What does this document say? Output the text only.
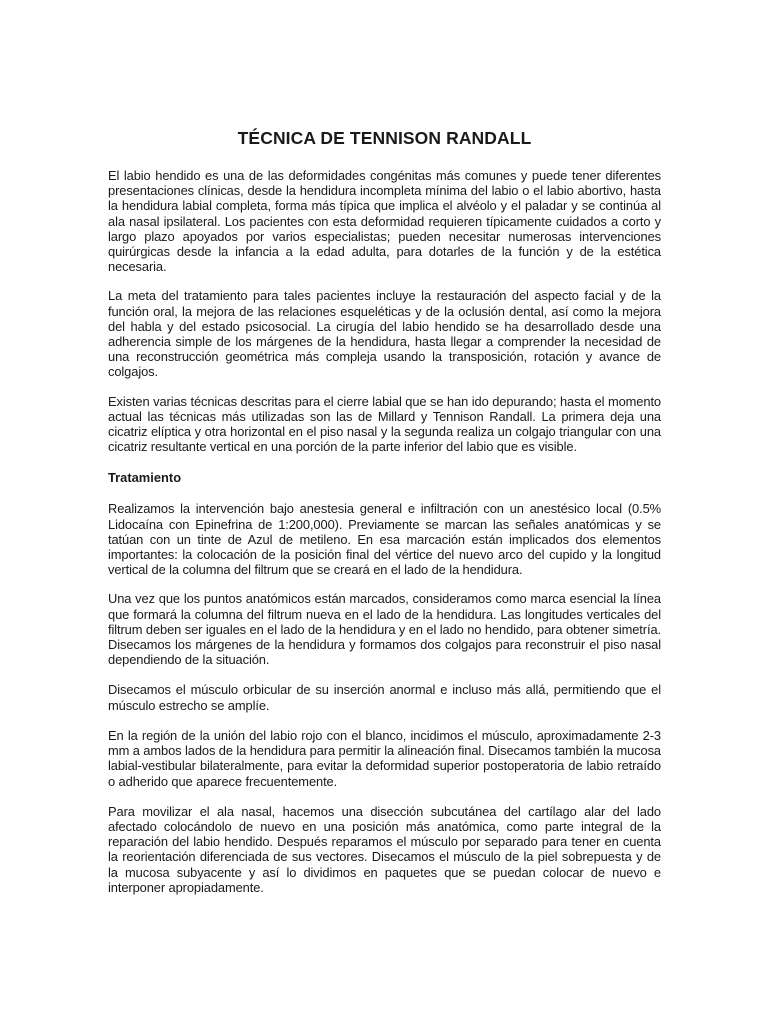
TÉCNICA DE TENNISON RANDALL

El labio hendido es una de las deformidades congénitas más comunes y puede tener diferentes presentaciones clínicas, desde la hendidura incompleta mínima del labio o el labio abortivo, hasta la hendidura labial completa, forma más típica que implica el alvéolo y el paladar y se continúa al ala nasal ipsilateral. Los pacientes con esta deformidad requieren típicamente cuidados a corto y largo plazo apoyados por varios especialistas; pueden necesitar numerosas intervenciones quirúrgicas desde la infancia a la edad adulta, para dotarles de la función y de la estética necesaria.

La meta del tratamiento para tales pacientes incluye la restauración del aspecto facial y de la función oral, la mejora de las relaciones esqueléticas y de la oclusión dental, así como la mejora del habla y del estado psicosocial. La cirugía del labio hendido se ha desarrollado desde una adherencia simple de los márgenes de la hendidura, hasta llegar a comprender la necesidad de una reconstrucción geométrica más compleja usando la transposición, rotación y avance de colgajos.

Existen varias técnicas descritas para el cierre labial que se han ido depurando; hasta el momento actual las técnicas más utilizadas son las de Millard y Tennison Randall. La primera deja una cicatriz elíptica y otra horizontal en el piso nasal y la segunda realiza un colgajo triangular con una cicatriz resultante vertical en una porción de la parte inferior del labio que es visible.

Tratamiento

Realizamos la intervención bajo anestesia general e infiltración con un anestésico local (0.5% Lidocaína con Epinefrina de 1:200,000). Previamente se marcan las señales anatómicas y se tatúan con un tinte de Azul de metileno. En esa marcación están implicados dos elementos importantes: la colocación de la posición final del vértice del nuevo arco del cupido y la longitud vertical de la columna del filtrum que se creará en el lado de la hendidura.

Una vez que los puntos anatómicos están marcados, consideramos como marca esencial la línea que formará la columna del filtrum nueva en el lado de la hendidura. Las longitudes verticales del filtrum deben ser iguales en el lado de la hendidura y en el lado no hendido, para obtener simetría. Disecamos los márgenes de la hendidura y formamos dos colgajos para reconstruir el piso nasal dependiendo de la situación.

Disecamos el músculo orbicular de su inserción anormal e incluso más allá, permitiendo que el músculo estrecho se amplíe.

En la región de la unión del labio rojo con el blanco, incidimos el músculo, aproximadamente 2-3 mm a ambos lados de la hendidura para permitir la alineación final. Disecamos también la mucosa labial-vestibular bilateralmente, para evitar la deformidad superior postoperatoria de labio retraído o adherido que aparece frecuentemente.

Para movilizar el ala nasal, hacemos una disección subcutánea del cartílago alar del lado afectado colocándolo de nuevo en una posición más anatómica, como parte integral de la reparación del labio hendido. Después reparamos el músculo por separado para tener en cuenta la reorientación diferenciada de sus vectores. Disecamos el músculo de la piel sobrepuesta y de la mucosa subyacente y así lo dividimos en paquetes que se puedan colocar de nuevo e interponer apropiadamente.
